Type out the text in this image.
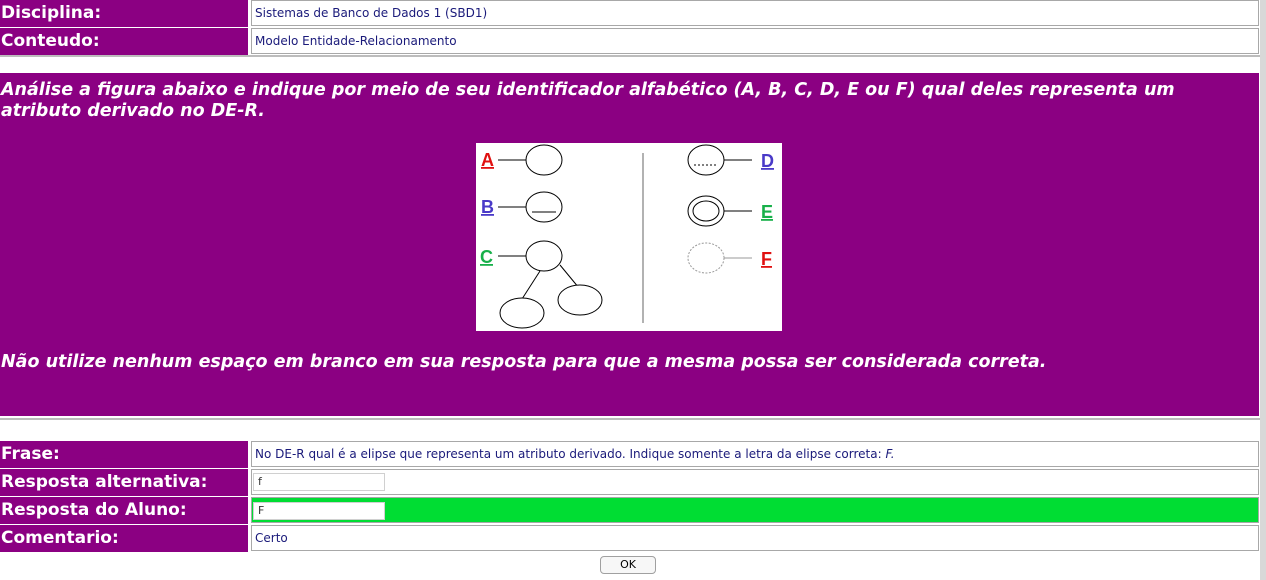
Disciplina:	Sistemas de Banco de Dados 1 (SBD1)
Conteudo:	Modelo Entidade-Relacionamento
Análise a figura abaixo e indique por meio de seu identificador alfabético (A, B, C, D, E ou F) qual deles representa um atributo derivado no DE-R.
A
B
C
D
E
F
Não utilize nenhum espaço em branco em sua resposta para que a mesma possa ser considerada correta.
Frase:	No DE-R qual é a elipse que representa um atributo derivado. Indique somente a letra da elipse correta: F.
Resposta alternativa:	f
Resposta do Aluno:	F
Comentario:	Certo
OK
